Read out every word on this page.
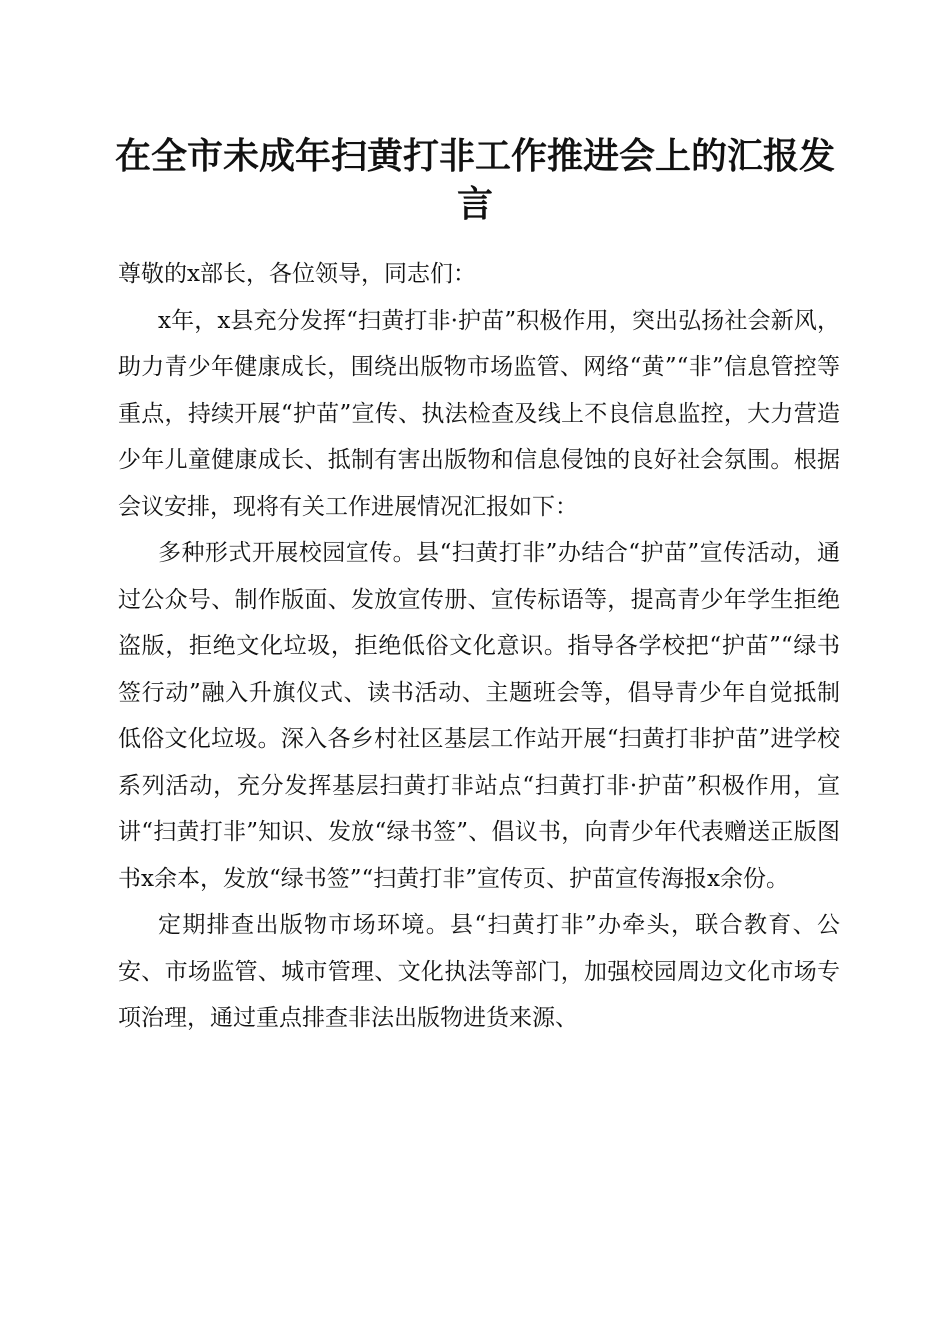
在全市未成年扫黄打非工作推进会上的汇报发言

尊敬的x部长，各位领导，同志们：

x年，x县充分发挥“扫黄打非·护苗”积极作用，突出弘扬社会新风，助力青少年健康成长，围绕出版物市场监管、网络“黄”“非”信息管控等重点，持续开展“护苗”宣传、执法检查及线上不良信息监控，大力营造少年儿童健康成长、抵制有害出版物和信息侵蚀的良好社会氛围。根据会议安排，现将有关工作进展情况汇报如下：

多种形式开展校园宣传。县“扫黄打非”办结合“护苗”宣传活动，通过公众号、制作版面、发放宣传册、宣传标语等，提高青少年学生拒绝盗版，拒绝文化垃圾，拒绝低俗文化意识。指导各学校把“护苗”“绿书签行动”融入升旗仪式、读书活动、主题班会等，倡导青少年自觉抵制低俗文化垃圾。深入各乡村社区基层工作站开展“扫黄打非护苗”进学校系列活动，充分发挥基层扫黄打非站点“扫黄打非·护苗”积极作用，宣讲“扫黄打非”知识、发放“绿书签”、倡议书，向青少年代表赠送正版图书x余本，发放“绿书签”“扫黄打非”宣传页、护苗宣传海报x余份。

定期排查出版物市场环境。县“扫黄打非”办牵头，联合教育、公安、市场监管、城市管理、文化执法等部门，加强校园周边文化市场专项治理，通过重点排查非法出版物进货来源、
